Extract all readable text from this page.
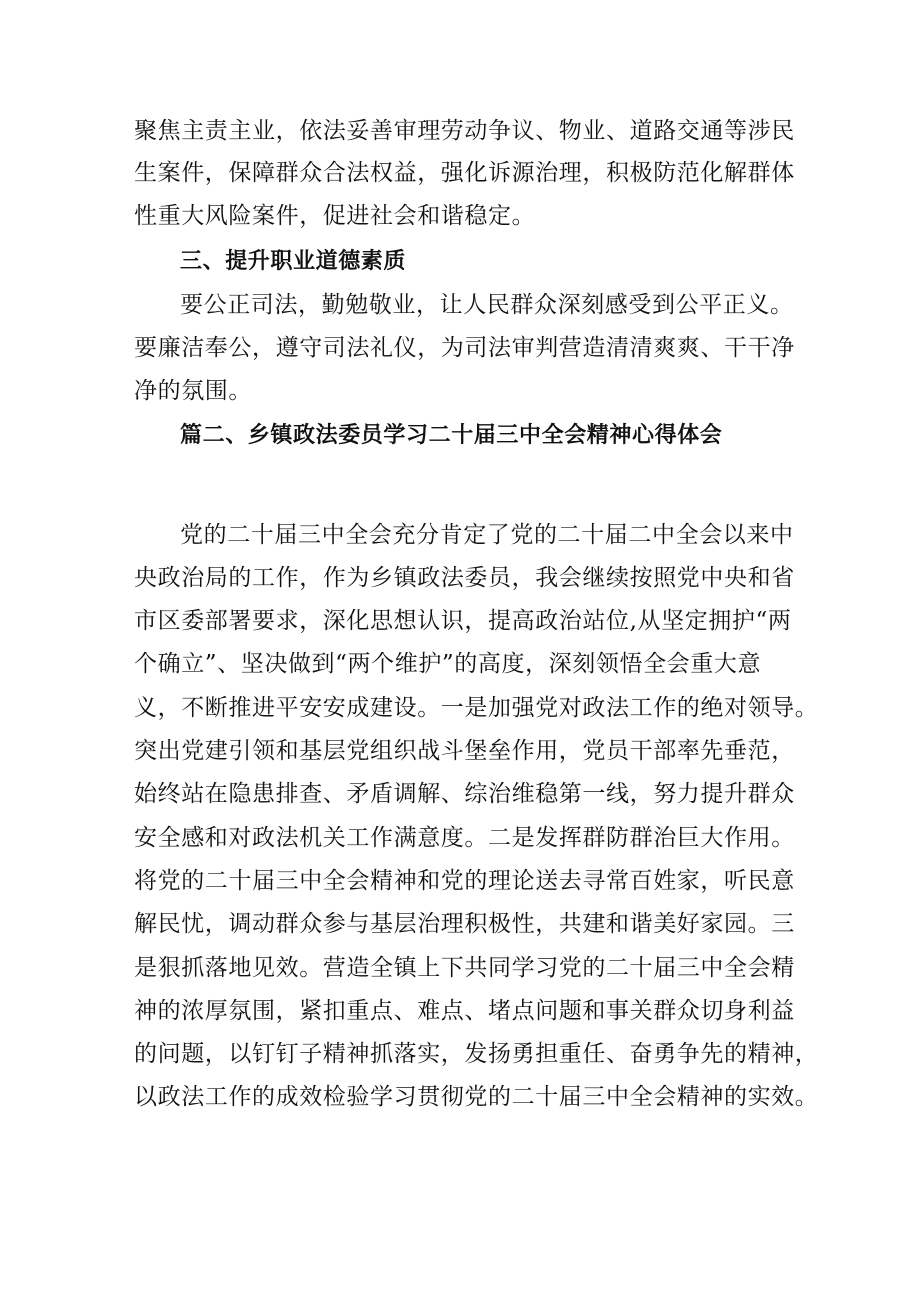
聚焦主责主业，依法妥善审理劳动争议、物业、道路交通等涉民
生案件，保障群众合法权益，强化诉源治理，积极防范化解群体
性重大风险案件，促进社会和谐稳定。
三、提升职业道德素质
要公正司法，勤勉敬业，让人民群众深刻感受到公平正义。
要廉洁奉公，遵守司法礼仪，为司法审判营造清清爽爽、干干净
净的氛围。
篇二、乡镇政法委员学习二十届三中全会精神心得体会
党的二十届三中全会充分肯定了党的二十届二中全会以来中
央政治局的工作，作为乡镇政法委员，我会继续按照党中央和省
市区委部署要求，深化思想认识，提高政治站位,从坚定拥护“两
个确立”、坚决做到“两个维护”的高度，深刻领悟全会重大意
义，不断推进平安安成建设。一是加强党对政法工作的绝对领导。
突出党建引领和基层党组织战斗堡垒作用，党员干部率先垂范，
始终站在隐患排查、矛盾调解、综治维稳第一线，努力提升群众
安全感和对政法机关工作满意度。二是发挥群防群治巨大作用。
将党的二十届三中全会精神和党的理论送去寻常百姓家，听民意
解民忧，调动群众参与基层治理积极性，共建和谐美好家园。三
是狠抓落地见效。营造全镇上下共同学习党的二十届三中全会精
神的浓厚氛围，紧扣重点、难点、堵点问题和事关群众切身利益
的问题，以钉钉子精神抓落实，发扬勇担重任、奋勇争先的精神，
以政法工作的成效检验学习贯彻党的二十届三中全会精神的实效。
